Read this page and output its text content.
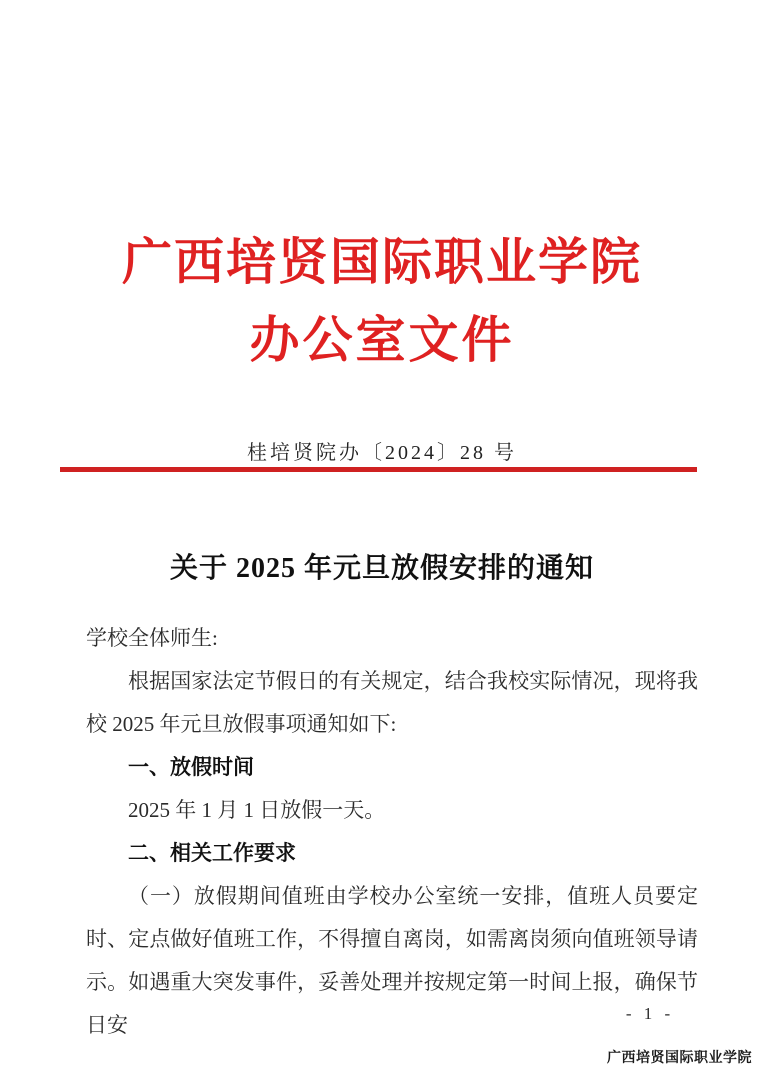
广西培贤国际职业学院
办公室文件
桂培贤院办〔2024〕28 号
关于 2025 年元旦放假安排的通知

学校全体师生:

根据国家法定节假日的有关规定，结合我校实际情况，现将我校 2025 年元旦放假事项通知如下:

一、放假时间

2025 年 1 月 1 日放假一天。

二、相关工作要求

（一）放假期间值班由学校办公室统一安排，值班人员要定时、定点做好值班工作，不得擅自离岗，如需离岗须向值班领导请示。如遇重大突发事件，妥善处理并按规定第一时间上报，确保节日安	- 1 -
广西培贤国际职业学院
